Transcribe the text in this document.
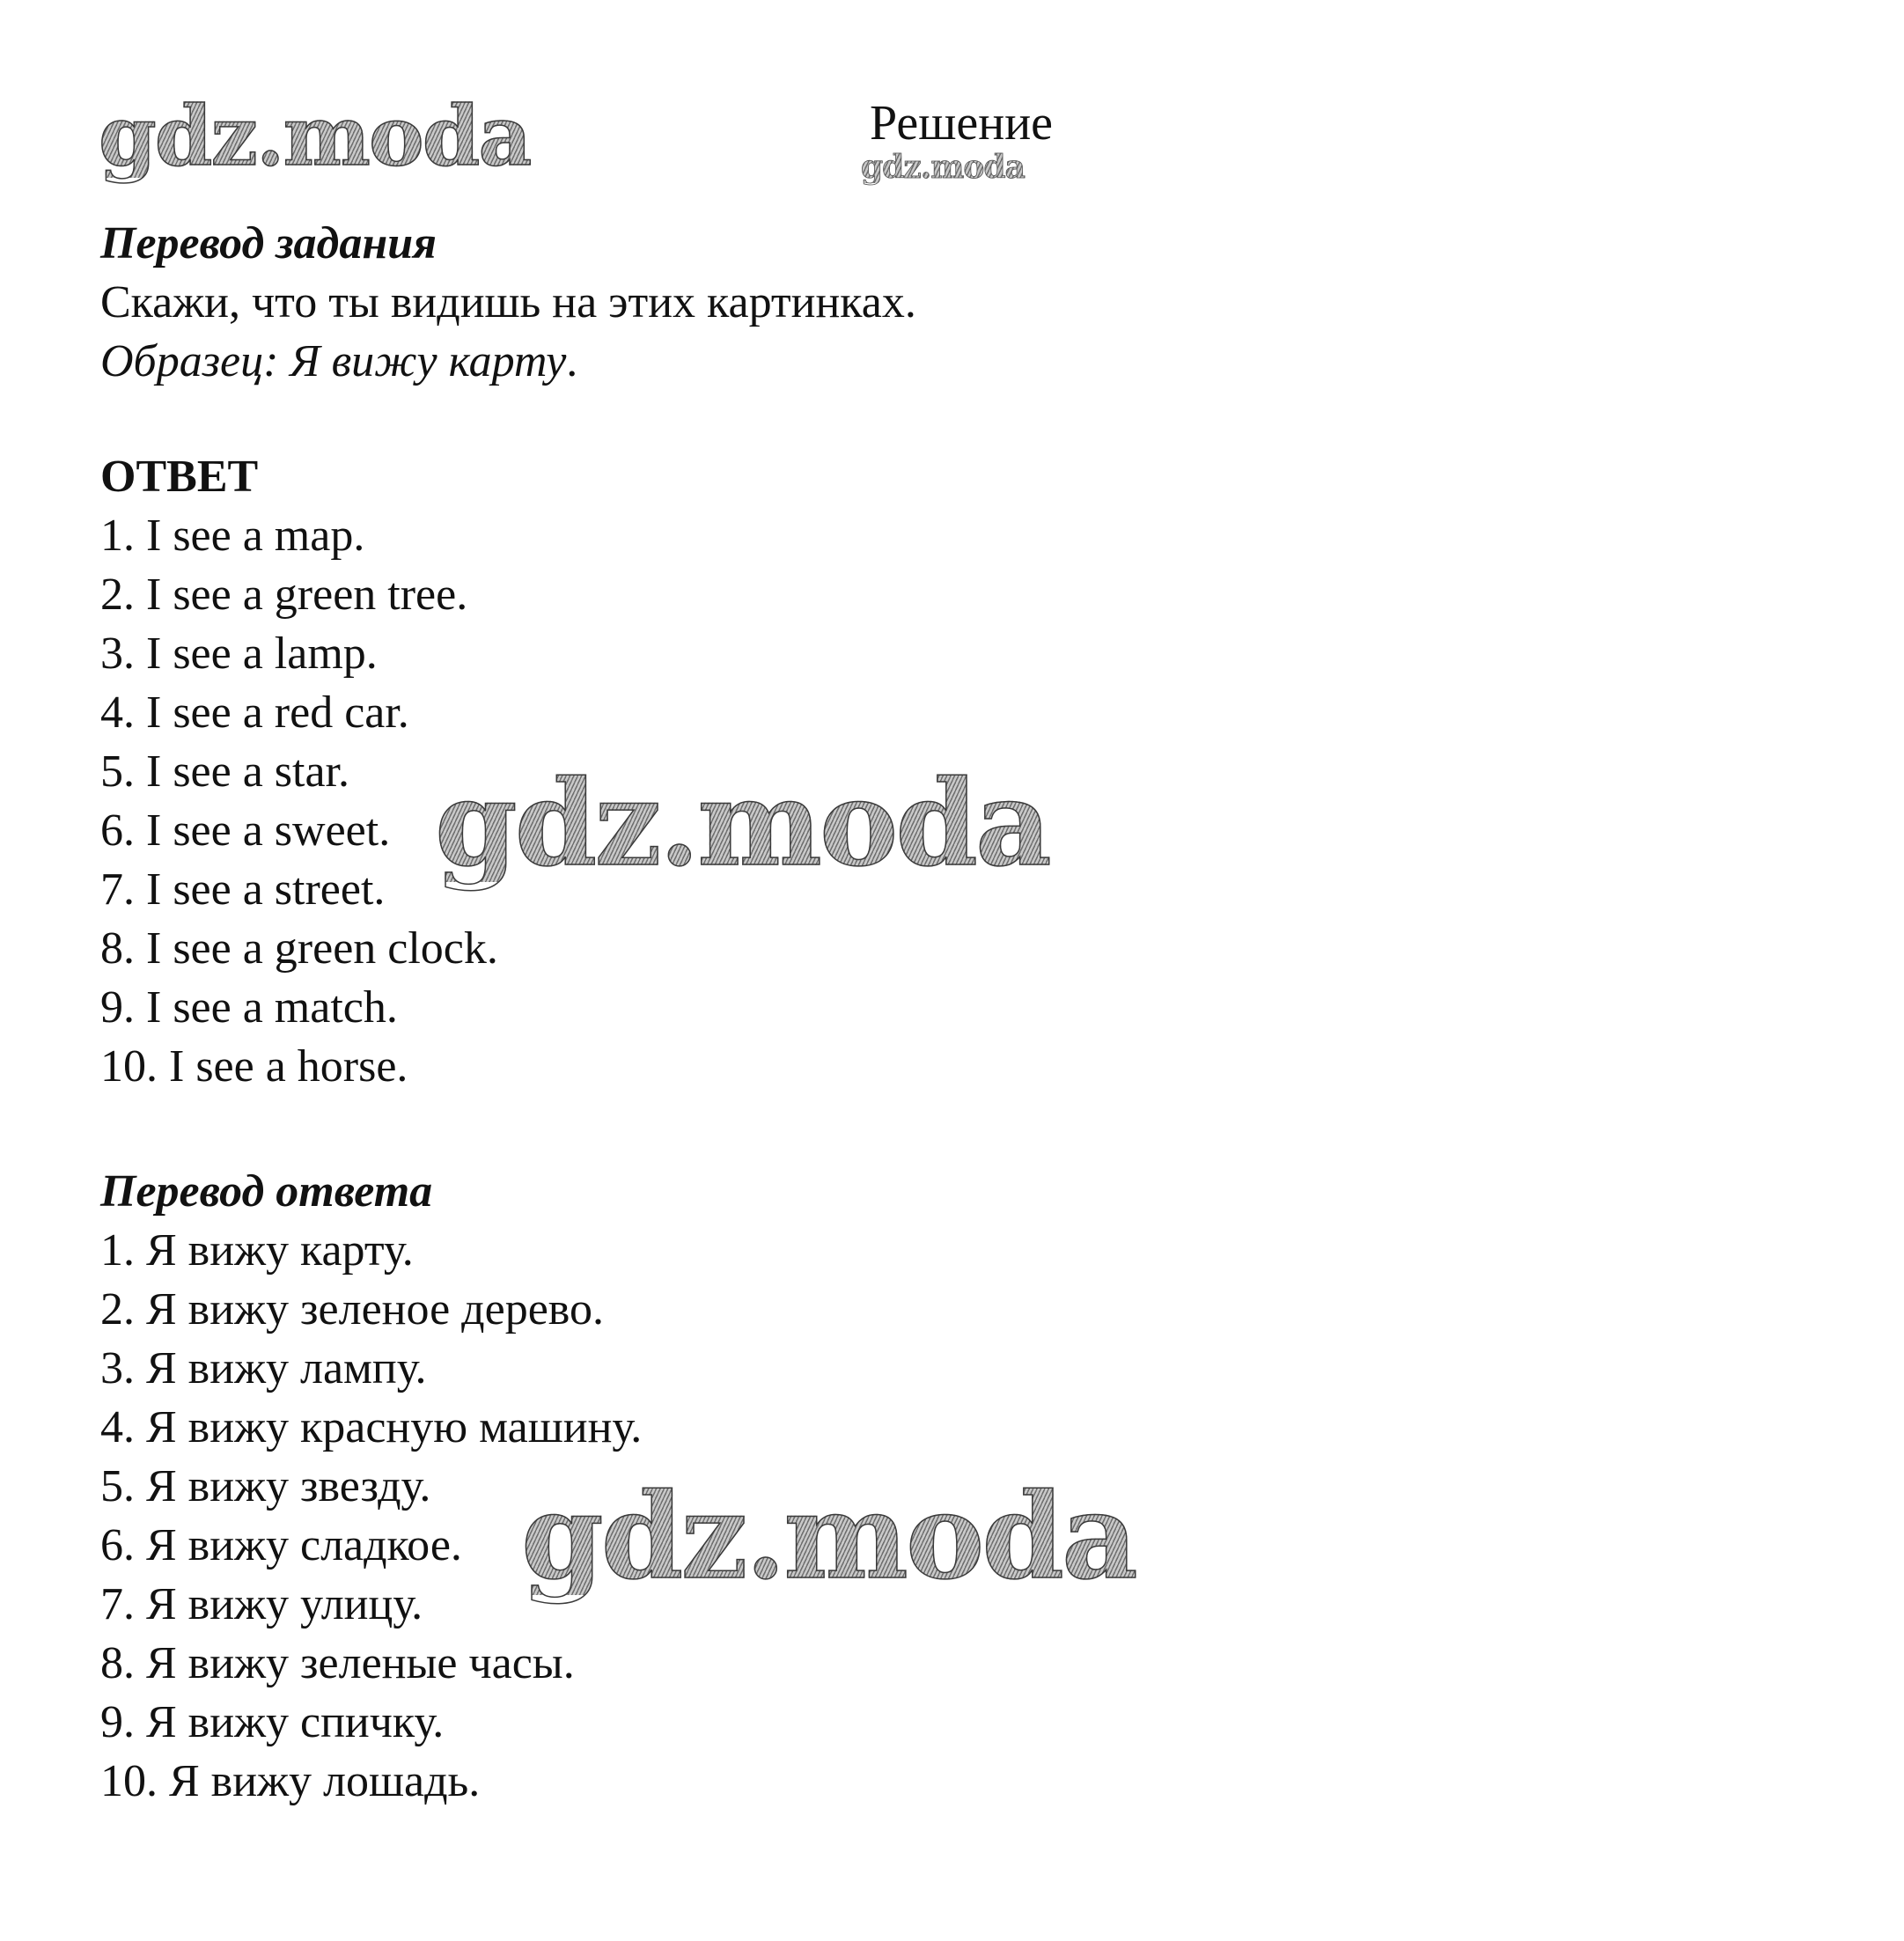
gdz.moda	Решение
gdz.moda
Перевод задания
Скажи, что ты видишь на этих картинках.
Образец: Я вижу карту.
ОТВЕТ
1. I see a map.
2. I see a green tree.
3. I see a lamp.
4. I see a red car.
5. I see a star.
6. I see a sweet.
7. I see a street.
8. I see a green clock.
9. I see a match.
10. I see a horse.
gdz.moda
Перевод ответа
1. Я вижу карту.
2. Я вижу зеленое дерево.
3. Я вижу лампу.
4. Я вижу красную машину.
5. Я вижу звезду.
6. Я вижу сладкое.
7. Я вижу улицу.
8. Я вижу зеленые часы.
9. Я вижу спичку.
10. Я вижу лошадь.
gdz.moda
